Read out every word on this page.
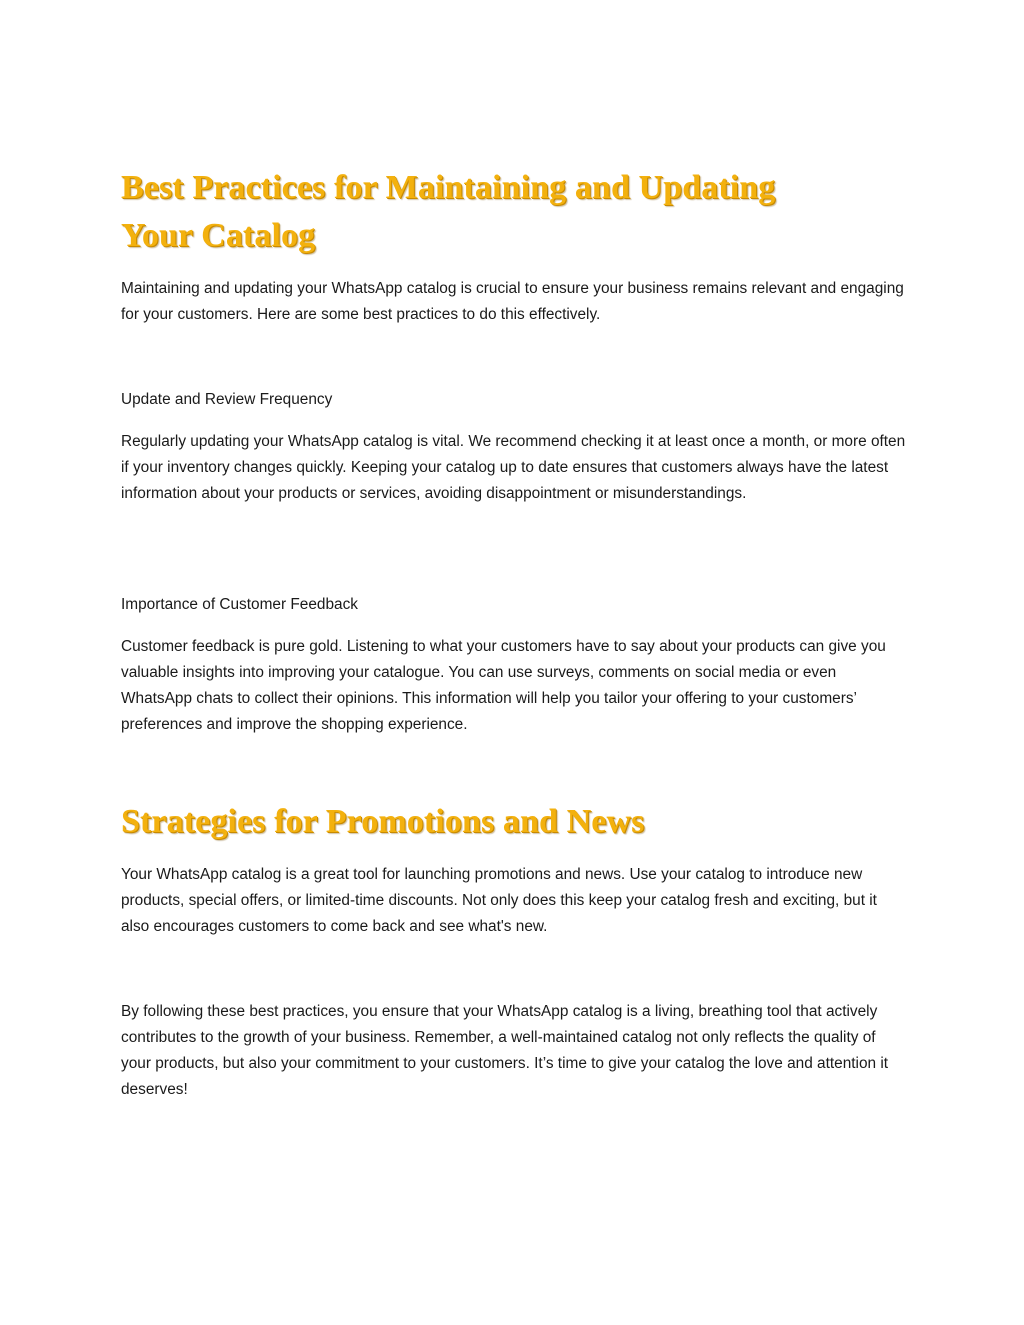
Best Practices for Maintaining and Updating
Your Catalog

Maintaining and updating your WhatsApp catalog is crucial to ensure your business remains relevant and engaging for your customers. Here are some best practices to do this effectively.

Update and Review Frequency

Regularly updating your WhatsApp catalog is vital. We recommend checking it at least once a month, or more often if your inventory changes quickly. Keeping your catalog up to date ensures that customers always have the latest information about your products or services, avoiding disappointment or misunderstandings.

Importance of Customer Feedback

Customer feedback is pure gold. Listening to what your customers have to say about your products can give you valuable insights into improving your catalogue. You can use surveys, comments on social media or even WhatsApp chats to collect their opinions. This information will help you tailor your offering to your customers’ preferences and improve the shopping experience.

Strategies for Promotions and News

Your WhatsApp catalog is a great tool for launching promotions and news. Use your catalog to introduce new products, special offers, or limited-time discounts. Not only does this keep your catalog fresh and exciting, but it also encourages customers to come back and see what's new.

By following these best practices, you ensure that your WhatsApp catalog is a living, breathing tool that actively contributes to the growth of your business. Remember, a well-maintained catalog not only reflects the quality of your products, but also your commitment to your customers. It’s time to give your catalog the love and attention it deserves!
